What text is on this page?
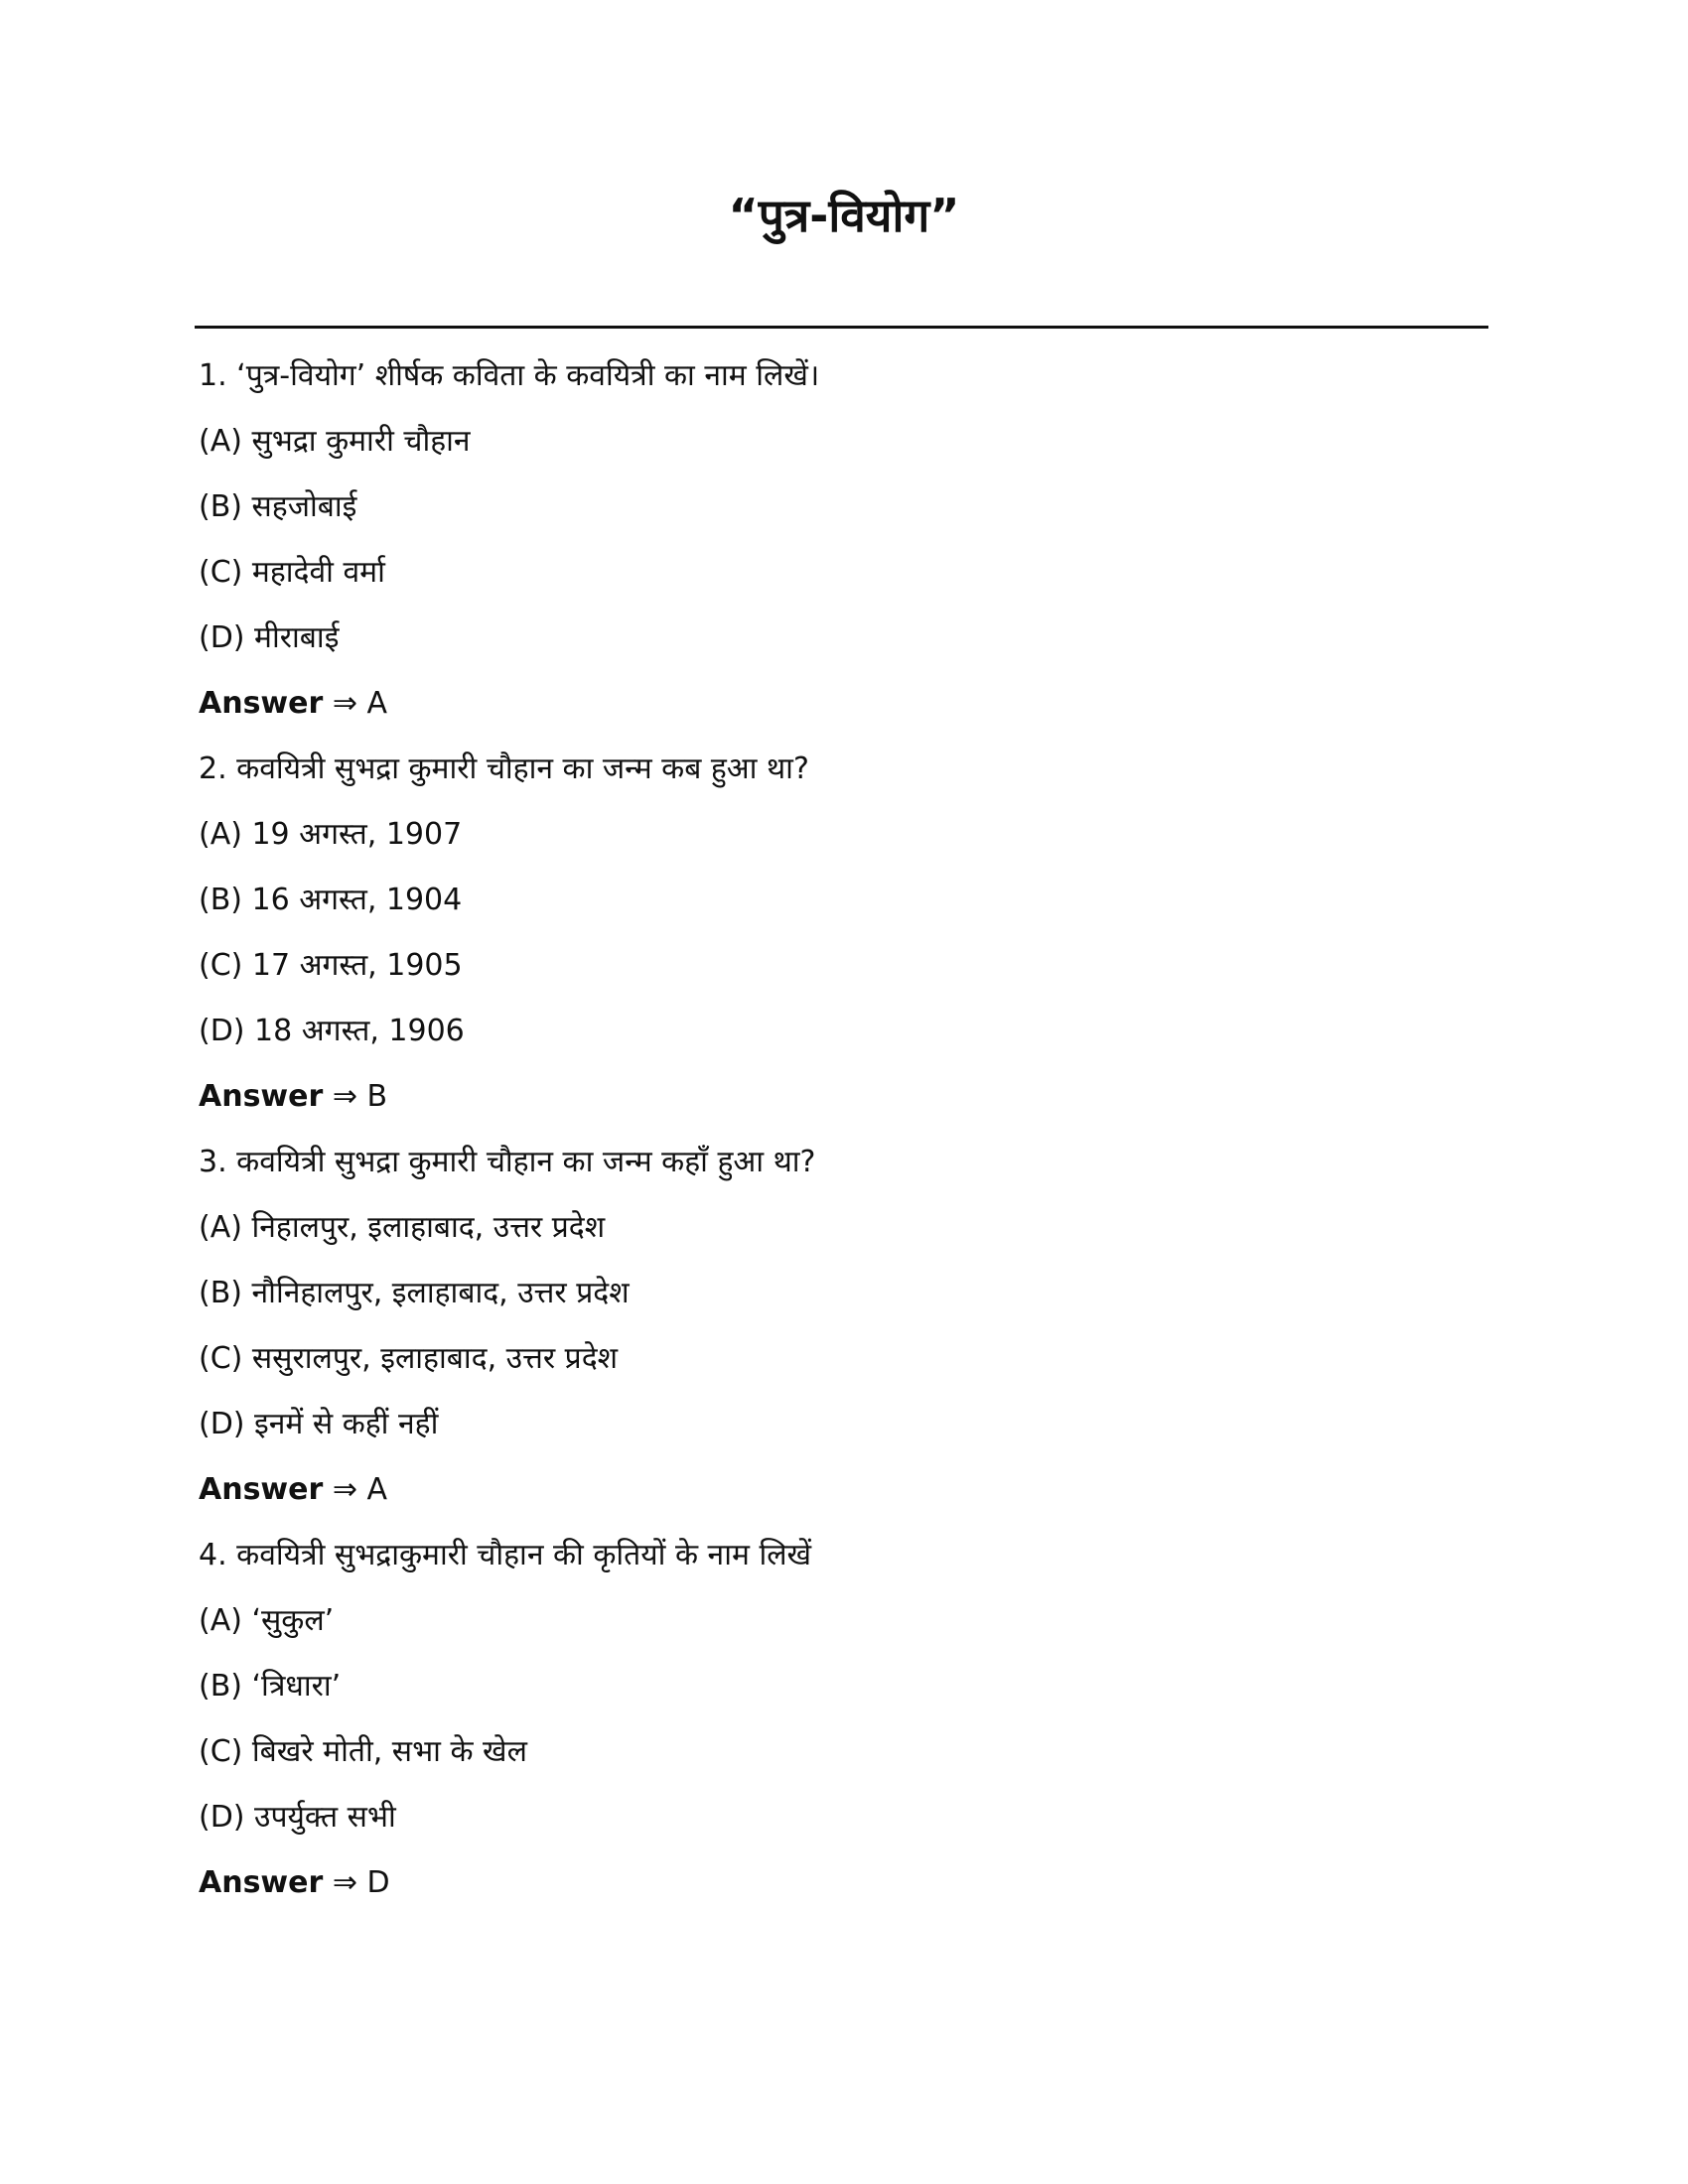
“पुत्र-वियोग”
1. ‘पुत्र-वियोग’ शीर्षक कविता के कवयित्री का नाम लिखें।
(A) सुभद्रा कुमारी चौहान
(B) सहजोबाई
(C) महादेवी वर्मा
(D) मीराबाई
Answer ⇒ A
2. कवयित्री सुभद्रा कुमारी चौहान का जन्म कब हुआ था?
(A) 19 अगस्त, 1907
(B) 16 अगस्त, 1904
(C) 17 अगस्त, 1905
(D) 18 अगस्त, 1906
Answer ⇒ B
3. कवयित्री सुभद्रा कुमारी चौहान का जन्म कहाँ हुआ था?
(A) निहालपुर, इलाहाबाद, उत्तर प्रदेश
(B) नौनिहालपुर, इलाहाबाद, उत्तर प्रदेश
(C) ससुरालपुर, इलाहाबाद, उत्तर प्रदेश
(D) इनमें से कहीं नहीं
Answer ⇒ A
4. कवयित्री सुभद्राकुमारी चौहान की कृतियों के नाम लिखें
(A) ‘सुकुल’
(B) ‘त्रिधारा’
(C) बिखरे मोती, सभा के खेल
(D) उपर्युक्त सभी
Answer ⇒ D
